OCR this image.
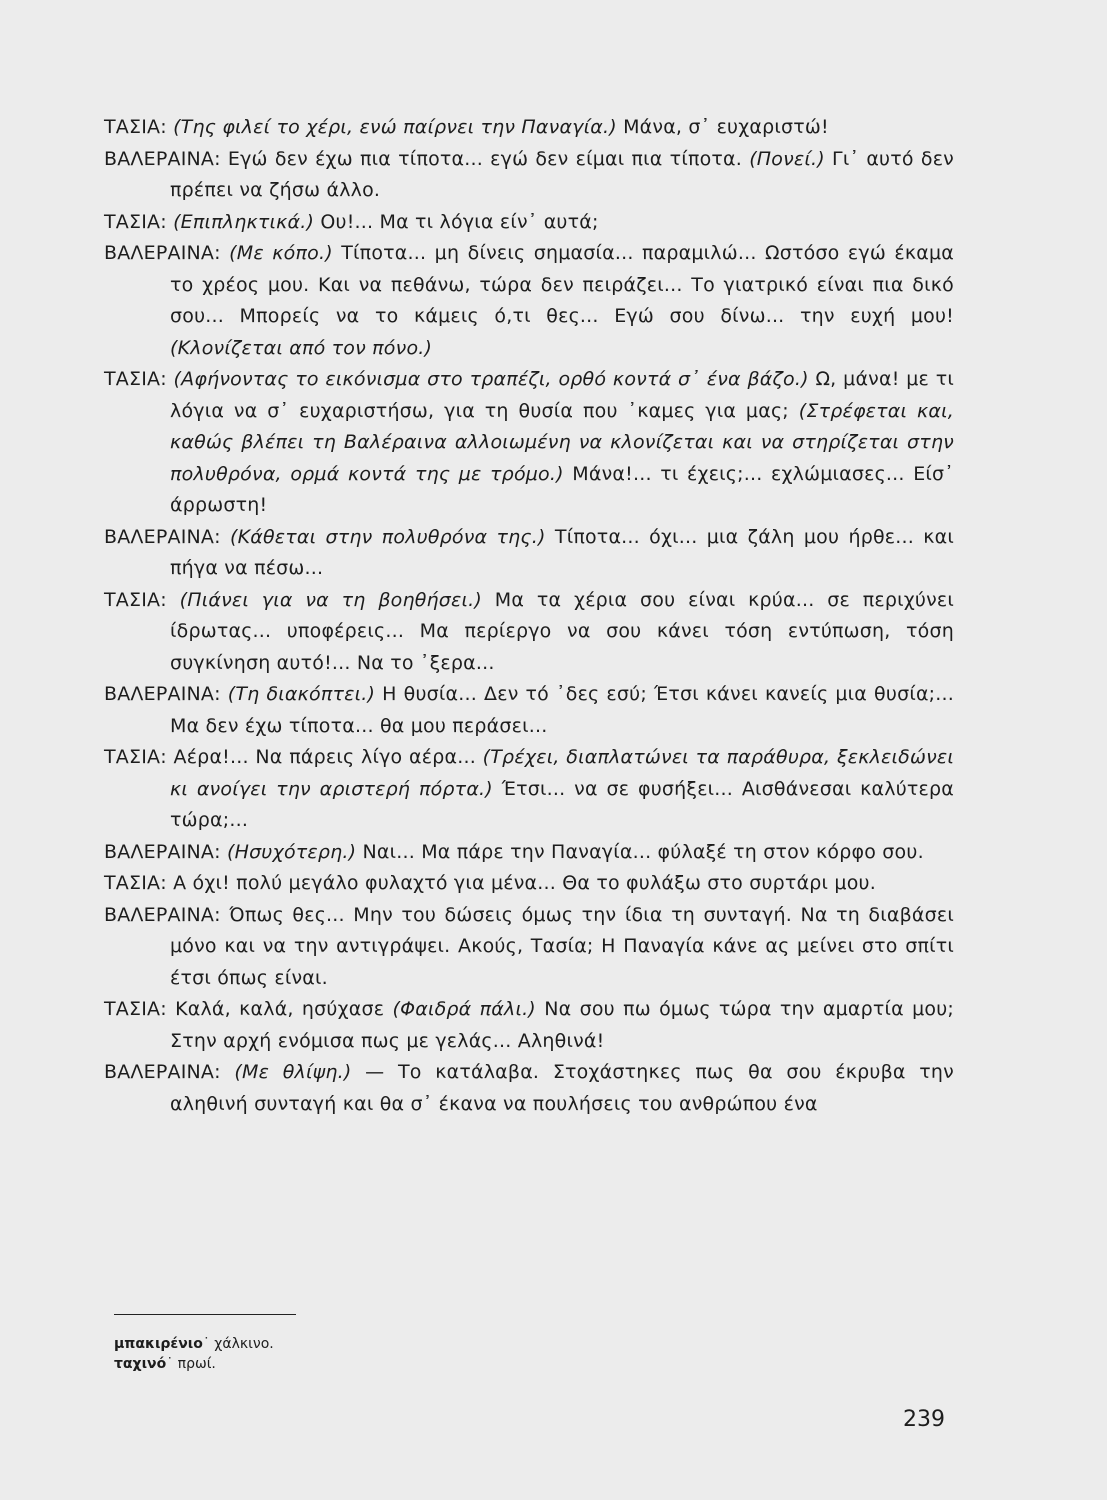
ΤΑΣΙΑ: (Της φιλεί το χέρι, ενώ παίρνει την Παναγία.) Μάνα, σ᾽ ευχαριστώ!
ΒΑΛΕΡΑΙΝΑ: Εγώ δεν έχω πια τίποτα... εγώ δεν είμαι πια τίποτα. (Πονεί.) Γι᾽ αυτό δεν πρέπει να ζήσω άλλο.
ΤΑΣΙΑ: (Επιπληκτικά.) Ου!... Μα τι λόγια είν᾽ αυτά;
ΒΑΛΕΡΑΙΝΑ: (Με κόπο.) Τίποτα... μη δίνεις σημασία... παραμιλώ... Ωστόσο εγώ έκαμα το χρέος μου. Και να πεθάνω, τώρα δεν πειράζει... Το γιατρικό είναι πια δικό σου... Μπορείς να το κάμεις ό,τι θες... Εγώ σου δίνω... την ευχή μου! (Κλονίζεται από τον πόνο.)
ΤΑΣΙΑ: (Αφήνοντας το εικόνισμα στο τραπέζι, ορθό κοντά σ᾽ ένα βάζο.) Ω, μάνα! με τι λόγια να σ᾽ ευχαριστήσω, για τη θυσία που ᾽καμες για μας; (Στρέφεται και, καθώς βλέπει τη Βαλέραινα αλλοιωμένη να κλονίζεται και να στηρίζεται στην πολυθρόνα, ορμά κοντά της με τρόμο.) Μάνα!... τι έχεις;... εχλώμιασες... Είσ᾽ άρρωστη!
ΒΑΛΕΡΑΙΝΑ: (Κάθεται στην πολυθρόνα της.) Τίποτα... όχι... μια ζάλη μου ήρθε... και πήγα να πέσω...
ΤΑΣΙΑ: (Πιάνει για να τη βοηθήσει.) Μα τα χέρια σου είναι κρύα... σε περιχύνει ίδρωτας... υποφέρεις... Μα περίεργο να σου κάνει τόση εντύπωση, τόση συγκίνηση αυτό!... Να το ᾽ξερα...
ΒΑΛΕΡΑΙΝΑ: (Τη διακόπτει.) Η θυσία... Δεν τό ᾽δες εσύ; Έτσι κάνει κανείς μια θυσία;... Μα δεν έχω τίποτα... θα μου περάσει...
ΤΑΣΙΑ: Αέρα!... Να πάρεις λίγο αέρα... (Τρέχει, διαπλατώνει τα παράθυρα, ξεκλειδώνει κι ανοίγει την αριστερή πόρτα.) Έτσι... να σε φυσήξει... Αισθάνεσαι καλύτερα τώρα;...
ΒΑΛΕΡΑΙΝΑ: (Ησυχότερη.) Ναι... Μα πάρε την Παναγία... φύλαξέ τη στον κόρφο σου.
ΤΑΣΙΑ: Α όχι! πολύ μεγάλο φυλαχτό για μένα... Θα το φυλάξω στο συρτάρι μου.
ΒΑΛΕΡΑΙΝΑ: Όπως θες... Μην του δώσεις όμως την ίδια τη συνταγή. Να τη διαβάσει μόνο και να την αντιγράψει. Ακούς, Τασία; Η Παναγία κάνε ας μείνει στο σπίτι έτσι όπως είναι.
ΤΑΣΙΑ: Καλά, καλά, ησύχασε (Φαιδρά πάλι.) Να σου πω όμως τώρα την αμαρτία μου; Στην αρχή ενόμισα πως με γελάς... Αληθινά!
ΒΑΛΕΡΑΙΝΑ: (Με θλίψη.) — Το κατάλαβα. Στοχάστηκες πως θα σου έκρυβα την αληθινή συνταγή και θα σ᾽ έκανα να πουλήσεις του ανθρώπου ένα
μπακιρένιο˙ χάλκινο.
ταχινό˙ πρωί.
239
